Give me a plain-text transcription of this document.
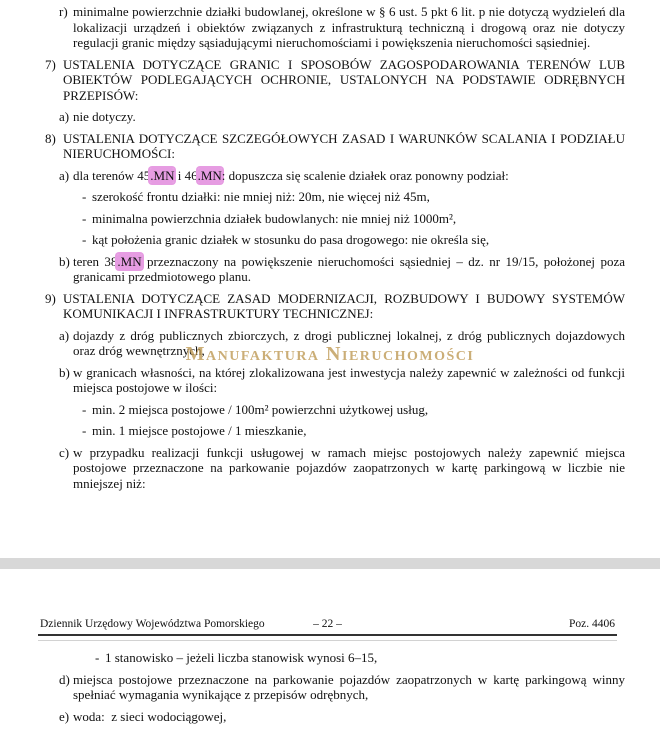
r) minimalne powierzchnie działki budowlanej, określone w § 6 ust. 5 pkt 6 lit. p nie dotyczą wydzieleń dla lokalizacji urządzeń i obiektów związanych z infrastrukturą techniczną i drogową oraz nie dotyczy regulacji granic między sąsiadującymi nieruchomościami i powiększenia nieruchomości sąsiedniej.

7) USTALENIA DOTYCZĄCE GRANIC I SPOSOBÓW ZAGOSPODAROWANIA TERENÓW LUB OBIEKTÓW PODLEGAJĄCYCH OCHRONIE, USTALONYCH NA PODSTAWIE ODRĘBNYCH PRZEPISÓW:

a) nie dotyczy.

8) USTALENIA DOTYCZĄCE SZCZEGÓŁOWYCH ZASAD I WARUNKÓW SCALANIA I PODZIAŁU NIERUCHOMOŚCI:

a) dla terenów 45.MN i 46.MN: dopuszcza się scalenie działek oraz ponowny podział:

- szerokość frontu działki: nie mniej niż: 20m, nie więcej niż 45m,

- minimalna powierzchnia działek budowlanych: nie mniej niż 1000m²,

- kąt położenia granic działek w stosunku do pasa drogowego: nie określa się,

b) teren 38.MN przeznaczony na powiększenie nieruchomości sąsiedniej – dz. nr 19/15, położonej poza granicami przedmiotowego planu.

9) USTALENIA DOTYCZĄCE ZASAD MODERNIZACJI, ROZBUDOWY I BUDOWY SYSTEMÓW KOMUNIKACJI I INFRASTRUKTURY TECHNICZNEJ:

a) dojazdy z dróg publicznych zbiorczych, z drogi publicznej lokalnej, z dróg publicznych dojazdowych oraz dróg wewnętrznych,

b) w granicach własności, na której zlokalizowana jest inwestycja należy zapewnić w zależności od funkcji miejsca postojowe w ilości:

- min. 2 miejsca postojowe / 100m² powierzchni użytkowej usług,

- min. 1 miejsce postojowe / 1 mieszkanie,

c) w przypadku realizacji funkcji usługowej w ramach miejsc postojowych należy zapewnić miejsca postojowe przeznaczone na parkowanie pojazdów zaopatrzonych w kartę parkingową w liczbie nie mniejszej niż:

Manufaktura Nieruchomości
Dziennik Urzędowy Województwa Pomorskiego	– 22 –	Poz. 4406

- 1 stanowisko – jeżeli liczba stanowisk wynosi 6–15,

d) miejsca postojowe przeznaczone na parkowanie pojazdów zaopatrzonych w kartę parkingową winny spełniać wymagania wynikające z przepisów odrębnych,

e) woda:  z sieci wodociągowej,
